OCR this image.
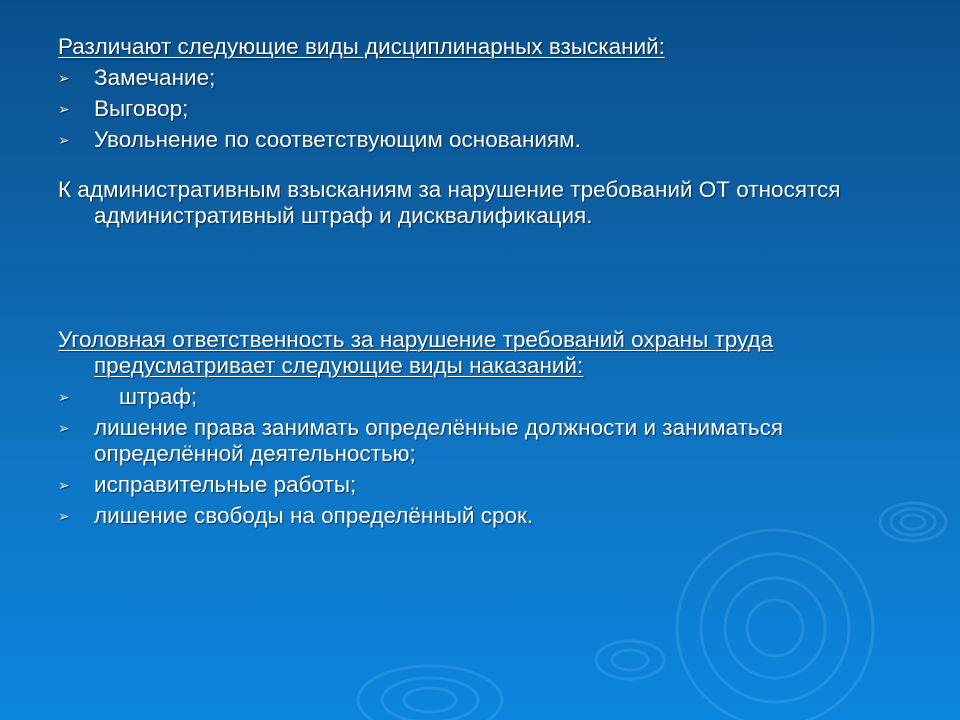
Различают следующие виды дисциплинарных взысканий:

➢ Замечание;
➢ Выговор;
➢ Увольнение по соответствующим основаниям.

К административным взысканиям за нарушение требований ОТ относятся административный штраф и дисквалификация.

Уголовная ответственность за нарушение требований охраны труда предусматривает следующие виды наказаний:

➢ штраф;
➢ лишение права занимать определённые должности и заниматься определённой деятельностью;
➢ исправительные работы;
➢ лишение свободы на определённый срок.
